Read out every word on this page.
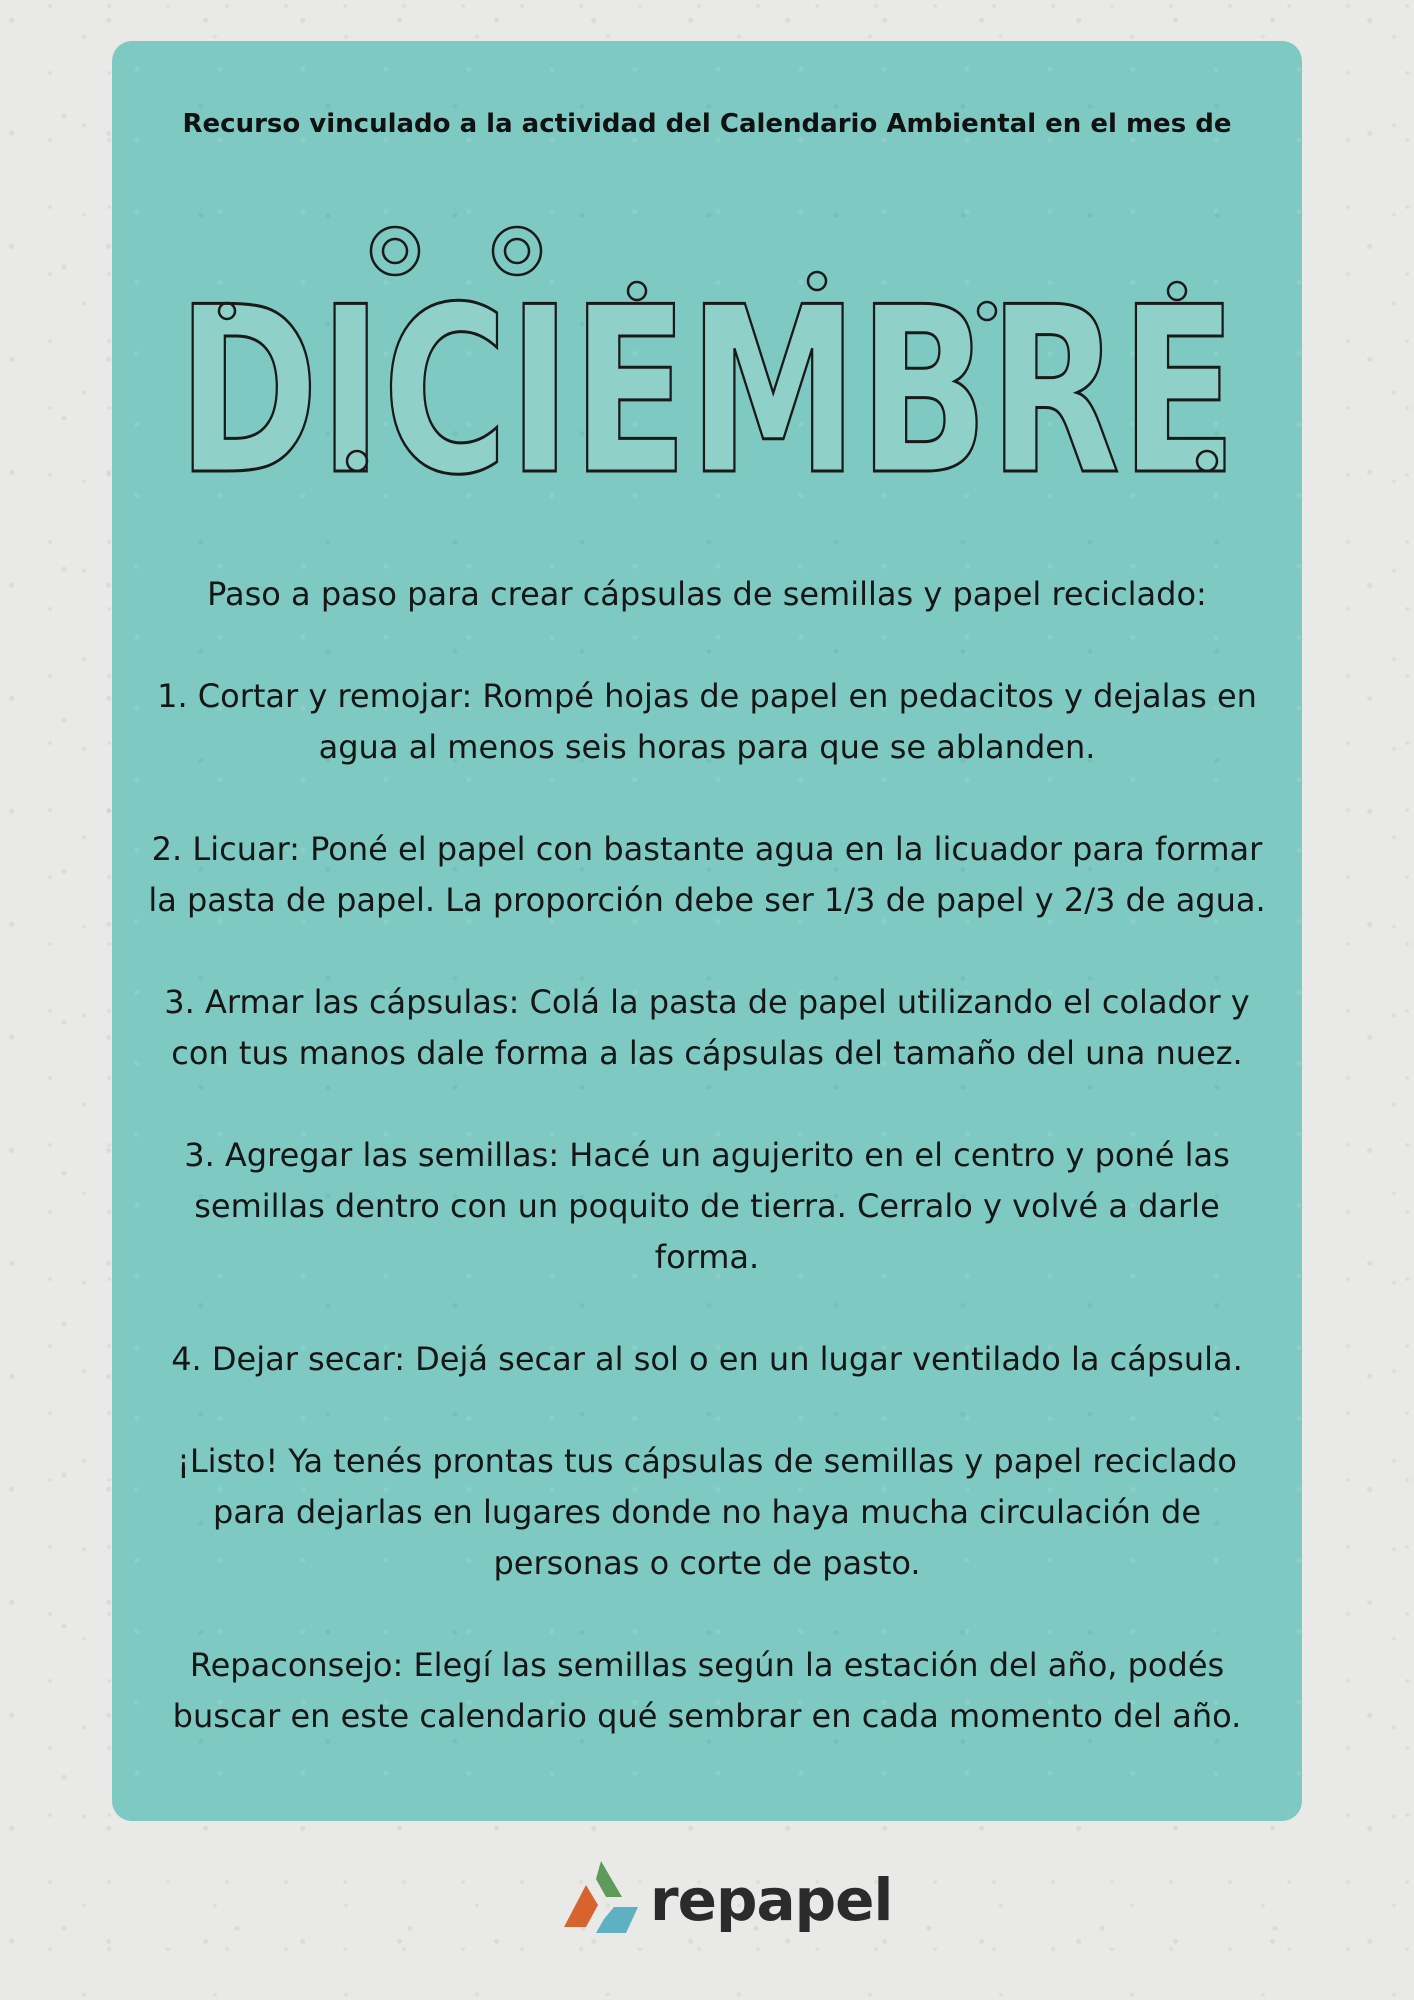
Recurso vinculado a la actividad del Calendario Ambiental en el mes de
DICIEMBRE

Paso a paso para crear cápsulas de semillas y papel reciclado:

1. Cortar y remojar: Rompé hojas de papel en pedacitos y dejalas en agua al menos seis horas para que se ablanden.

2. Licuar: Poné el papel con bastante agua en la licuador para formar la pasta de papel. La proporción debe ser 1/3 de papel y 2/3 de agua.

3. Armar las cápsulas: Colá la pasta de papel utilizando el colador y con tus manos dale forma a las cápsulas del tamaño del una nuez.

3. Agregar las semillas: Hacé un agujerito en el centro y poné las semillas dentro con un poquito de tierra. Cerralo y volvé a darle forma.

4. Dejar secar: Dejá secar al sol o en un lugar ventilado la cápsula.

¡Listo! Ya tenés prontas tus cápsulas de semillas y papel reciclado para dejarlas en lugares donde no haya mucha circulación de personas o corte de pasto.

Repaconsejo: Elegí las semillas según la estación del año, podés buscar en este calendario qué sembrar en cada momento del año.

repapel
